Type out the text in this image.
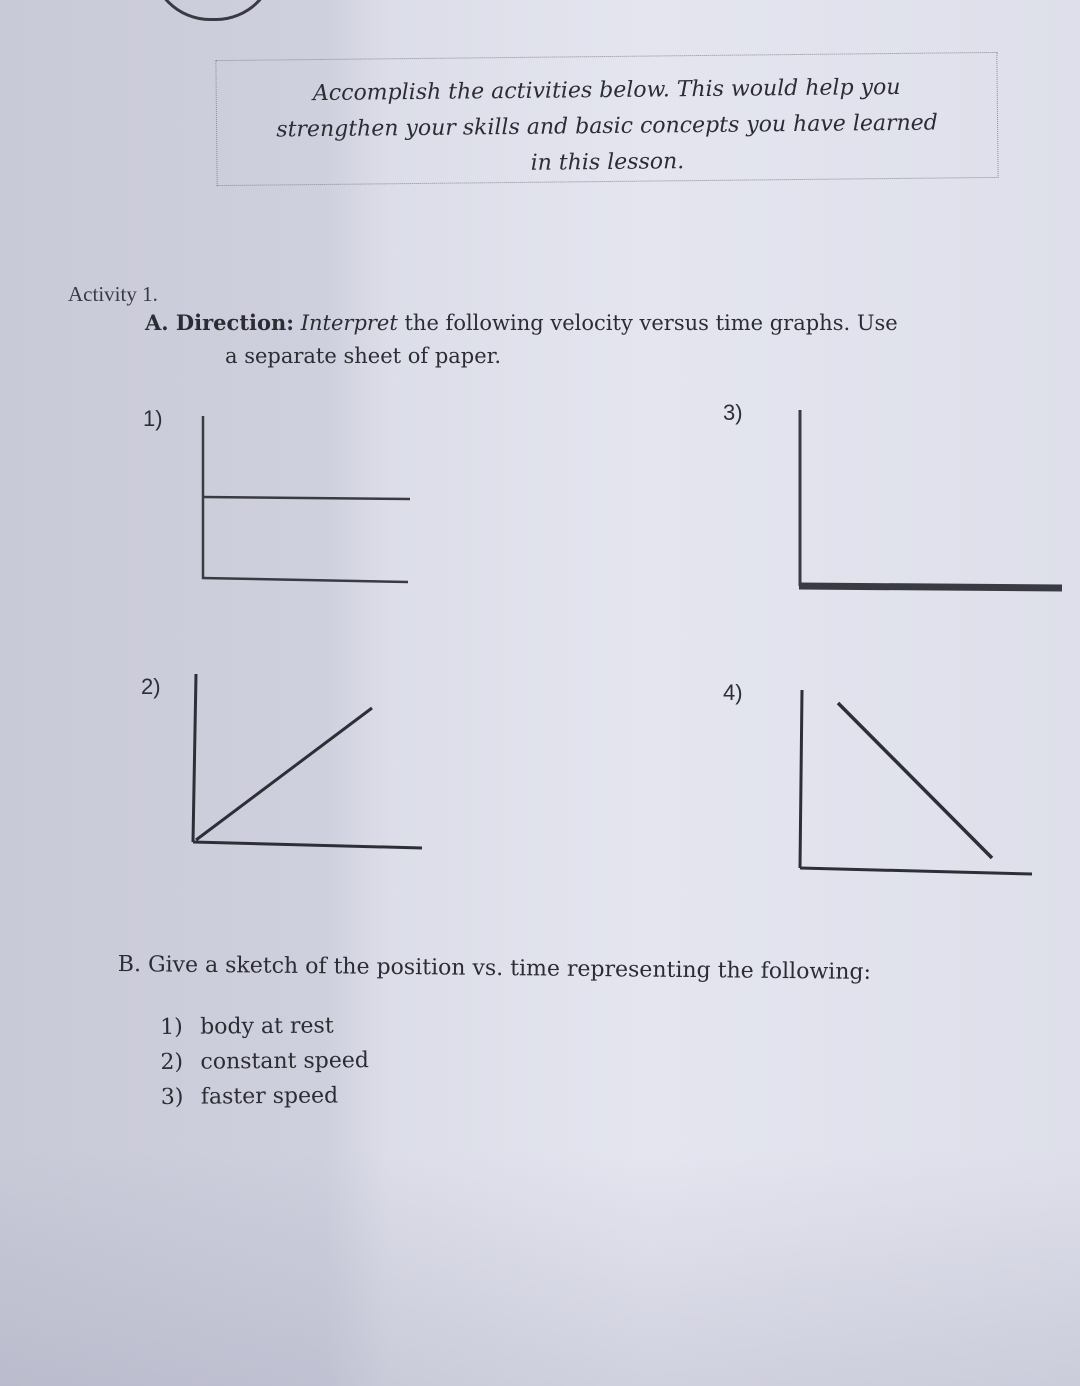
Accomplish the activities below. This would help you
strengthen your skills and basic concepts you have learned
in this lesson.
Activity 1.
A. Direction: Interpret the following velocity versus time graphs. Use
a separate sheet of paper.
1)	3)
2)	4)
B. Give a sketch of the position vs. time representing the following:
1) body at rest
2) constant speed
3) faster speed
